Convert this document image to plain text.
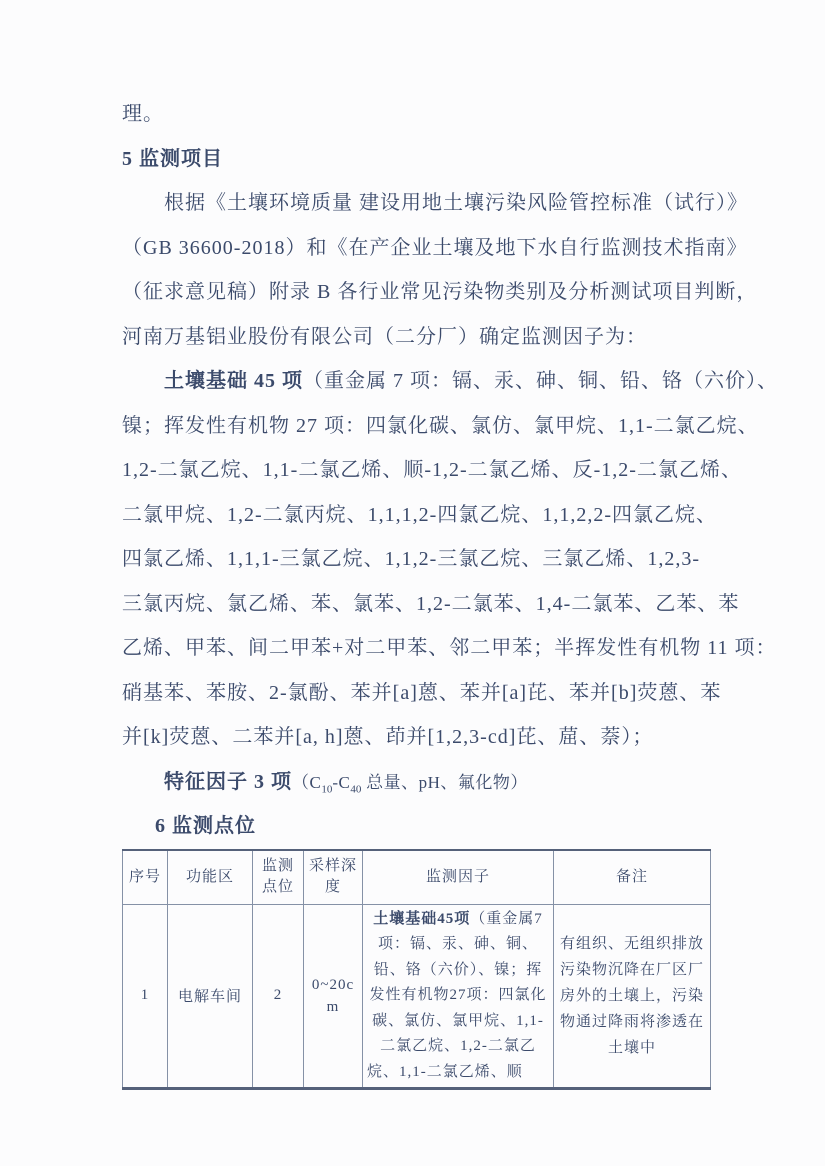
理。
5 监测项目
根据《土壤环境质量 建设用地土壤污染风险管控标准（试行）》
（GB 36600-2018）和《在产企业土壤及地下水自行监测技术指南》
（征求意见稿）附录 B 各行业常见污染物类别及分析测试项目判断，
河南万基铝业股份有限公司（二分厂）确定监测因子为：
土壤基础 45 项（重金属 7 项：镉、汞、砷、铜、铅、铬（六价）、
镍；挥发性有机物 27 项：四氯化碳、氯仿、氯甲烷、1,1-二氯乙烷、
1,2-二氯乙烷、1,1-二氯乙烯、顺-1,2-二氯乙烯、反-1,2-二氯乙烯、
二氯甲烷、1,2-二氯丙烷、1,1,1,2-四氯乙烷、1,1,2,2-四氯乙烷、
四氯乙烯、1,1,1-三氯乙烷、1,1,2-三氯乙烷、三氯乙烯、1,2,3-
三氯丙烷、氯乙烯、苯、氯苯、1,2-二氯苯、1,4-二氯苯、乙苯、苯
乙烯、甲苯、间二甲苯+对二甲苯、邻二甲苯；半挥发性有机物 11 项：
硝基苯、苯胺、2-氯酚、苯并[a]蒽、苯并[a]芘、苯并[b]荧蒽、苯
并[k]荧蒽、二苯并[a, h]蒽、茚并[1,2,3-cd]芘、䓛、萘）；
特征因子 3 项（$C_{10}-C_{40}$ 总量、pH、氟化物）
6 监测点位
序号	功能区	监测点位	采样深度	监测因子	备注
1	电解车间	2	0~20cm	土壤基础45项（重金属7项：镉、汞、砷、铜、铅、铬（六价）、镍；挥发性有机物27项：四氯化碳、氯仿、氯甲烷、1,1-二氯乙烷、1,2-二氯乙烷、1,1-二氯乙烯、顺	有组织、无组织排放污染物沉降在厂区厂房外的土壤上，污染物通过降雨将渗透在土壤中
